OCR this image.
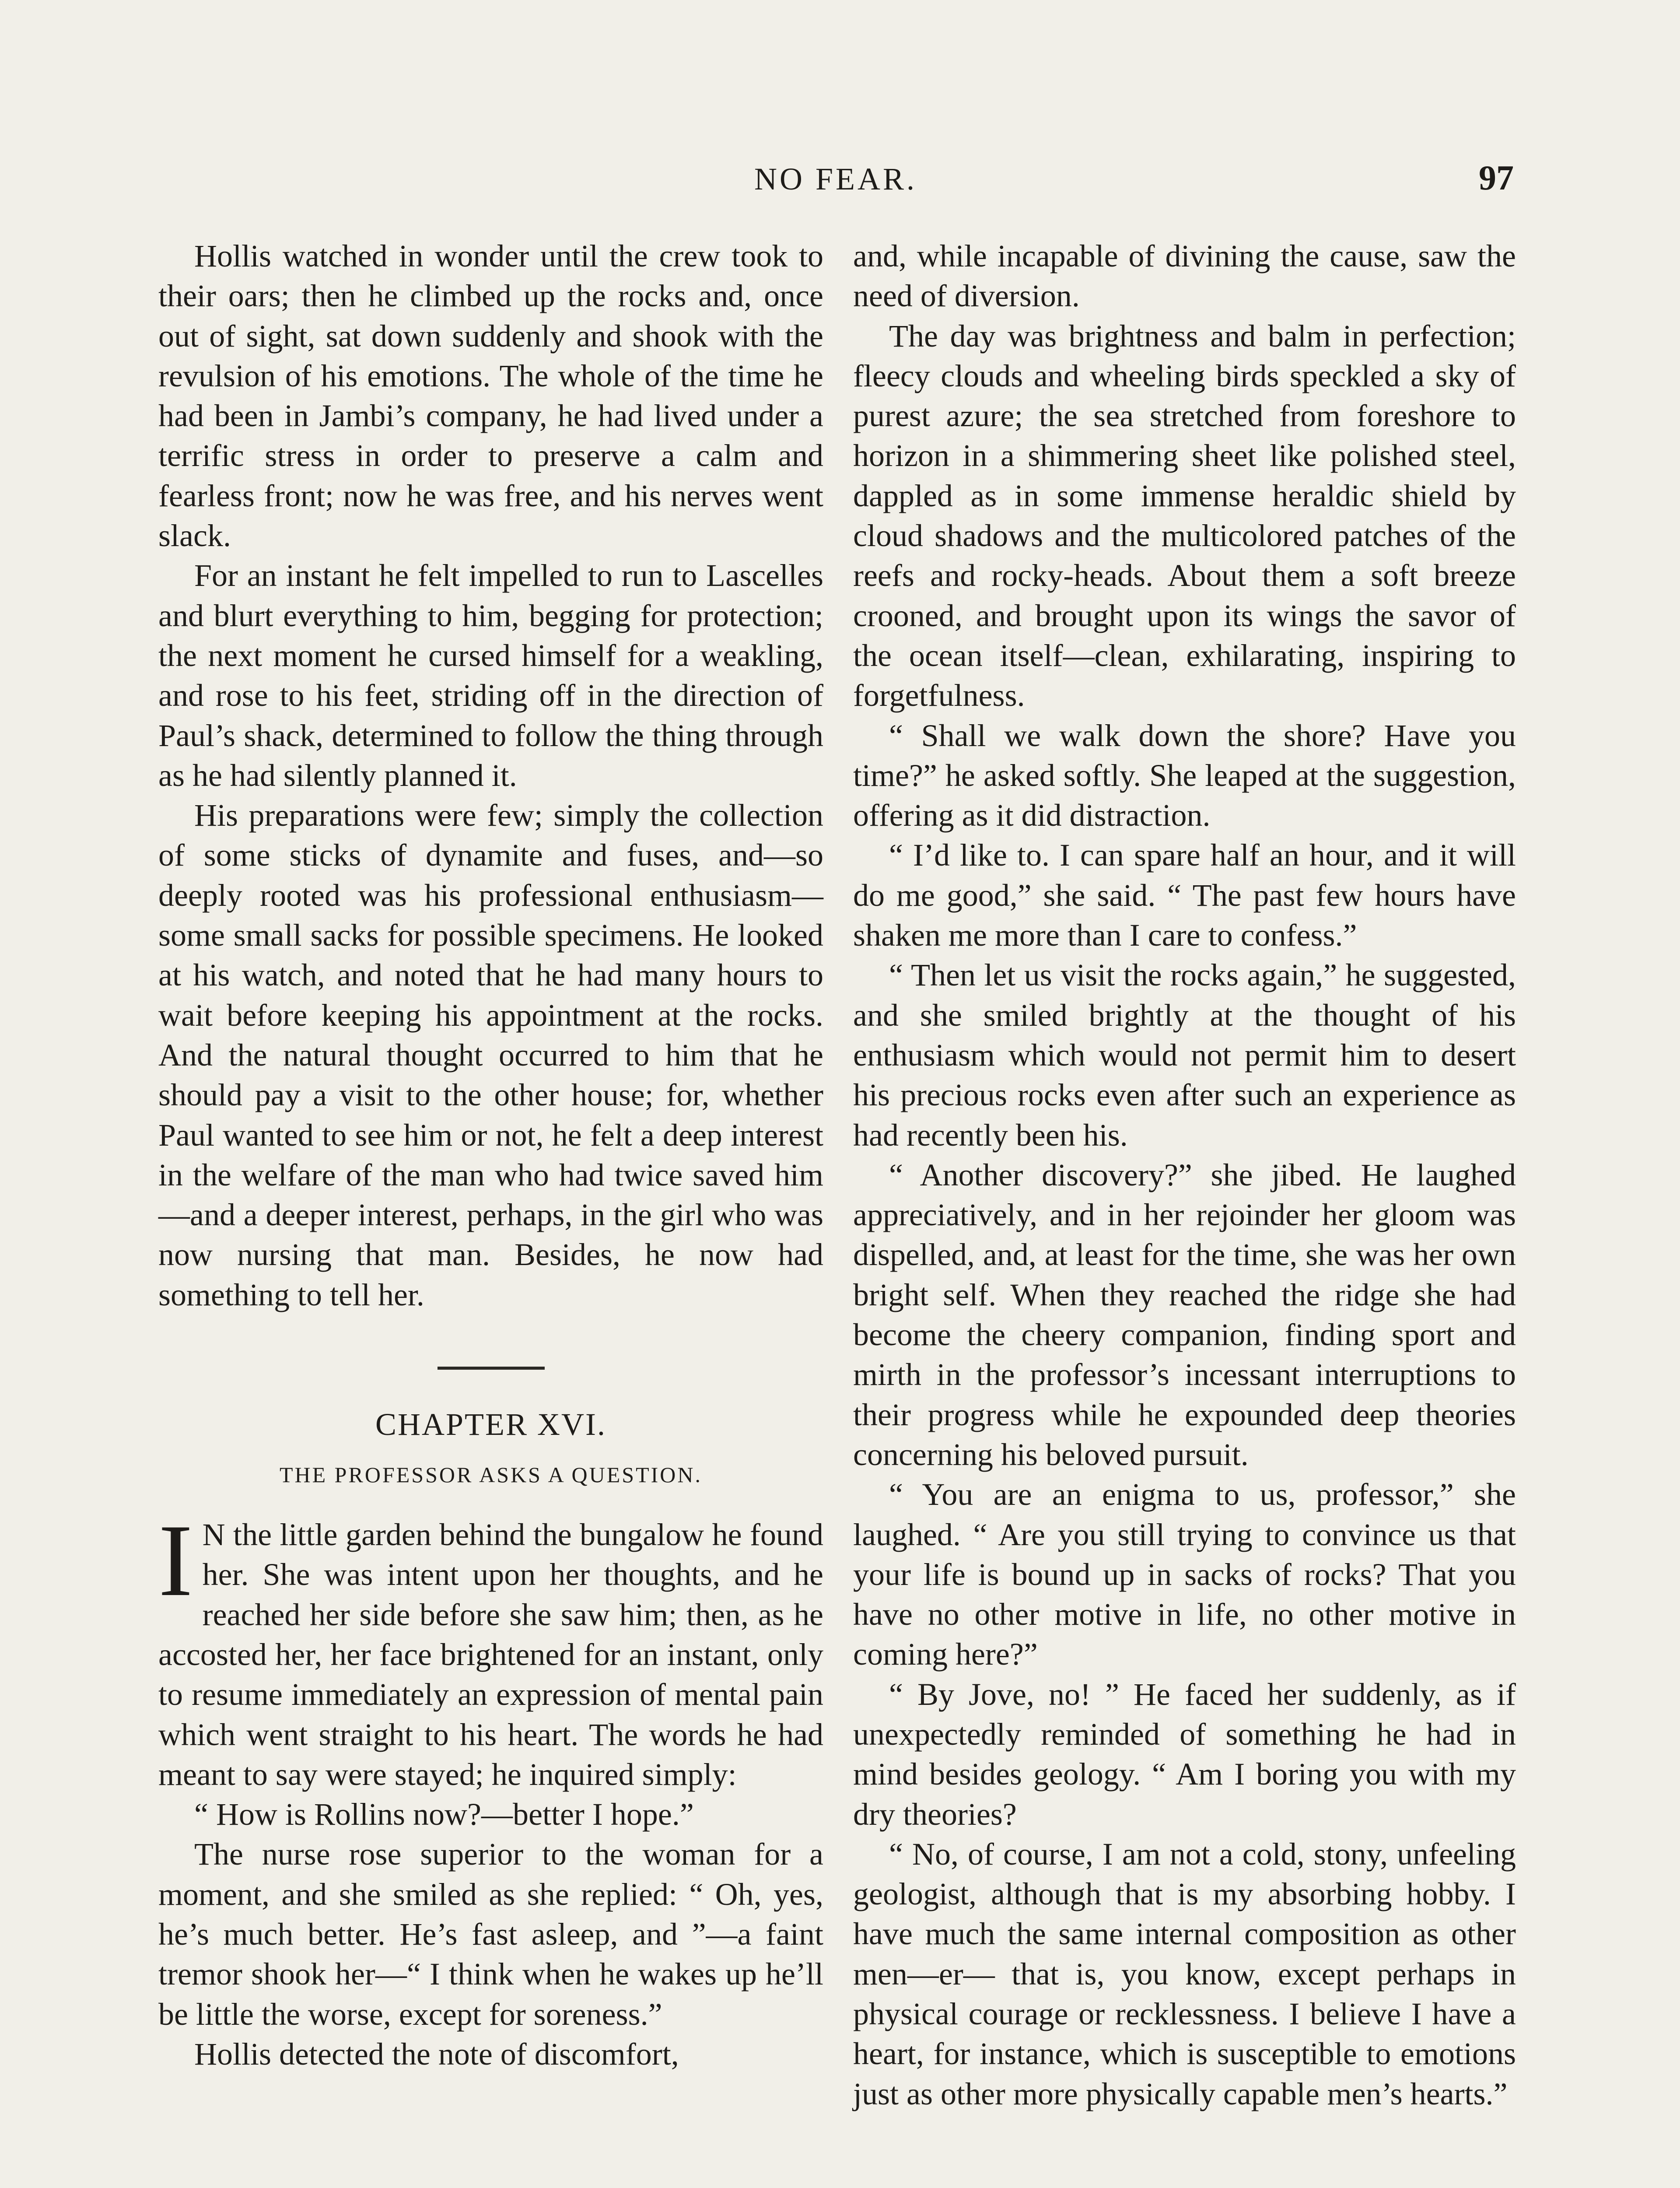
NO FEAR.	97

Hollis watched in wonder until the crew took to their oars; then he climbed up the rocks and, once out of sight, sat down suddenly and shook with the revulsion of his emotions. The whole of the time he had been in Jambi’s company, he had lived under a terrific stress in order to preserve a calm and fearless front; now he was free, and his nerves went slack.

For an instant he felt impelled to run to Lascelles and blurt everything to him, begging for protection; the next moment he cursed himself for a weakling, and rose to his feet, striding off in the direction of Paul’s shack, determined to follow the thing through as he had silently planned it.

His preparations were few; simply the collection of some sticks of dynamite and fuses, and—so deeply rooted was his professional enthusiasm—some small sacks for possible specimens. He looked at his watch, and noted that he had many hours to wait before keeping his appointment at the rocks. And the natural thought occurred to him that he should pay a visit to the other house; for, whether Paul wanted to see him or not, he felt a deep interest in the welfare of the man who had twice saved him—and a deeper interest, perhaps, in the girl who was now nursing that man. Besides, he now had something to tell her.

CHAPTER XVI.
THE PROFESSOR ASKS A QUESTION.

I N the little garden behind the bungalow he found her. She was intent upon her thoughts, and he reached her side before she saw him; then, as he accosted her, her face brightened for an instant, only to resume immediately an expression of mental pain which went straight to his heart. The words he had meant to say were stayed; he inquired simply:

“ How is Rollins now?—better I hope.”

The nurse rose superior to the woman for a moment, and she smiled as she replied: “ Oh, yes, he’s much better. He’s fast asleep, and ”—a faint tremor shook her—“ I think when he wakes up he’ll be little the worse, except for soreness.”

Hollis detected the note of discomfort,

and, while incapable of divining the cause, saw the need of diversion.

The day was brightness and balm in perfection; fleecy clouds and wheeling birds speckled a sky of purest azure; the sea stretched from foreshore to horizon in a shimmering sheet like polished steel, dappled as in some immense heraldic shield by cloud shadows and the multicolored patches of the reefs and rocky-heads. About them a soft breeze crooned, and brought upon its wings the savor of the ocean itself—clean, exhilarating, inspiring to forgetfulness.

“ Shall we walk down the shore? Have you time?” he asked softly. She leaped at the suggestion, offering as it did distraction.

“ I’d like to. I can spare half an hour, and it will do me good,” she said. “ The past few hours have shaken me more than I care to confess.”

“ Then let us visit the rocks again,” he suggested, and she smiled brightly at the thought of his enthusiasm which would not permit him to desert his precious rocks even after such an experience as had recently been his.

“ Another discovery?” she jibed. He laughed appreciatively, and in her rejoinder her gloom was dispelled, and, at least for the time, she was her own bright self. When they reached the ridge she had become the cheery companion, finding sport and mirth in the professor’s incessant interruptions to their progress while he expounded deep theories concerning his beloved pursuit.

“ You are an enigma to us, professor,” she laughed. “ Are you still trying to convince us that your life is bound up in sacks of rocks? That you have no other motive in life, no other motive in coming here?”

“ By Jove, no! ” He faced her suddenly, as if unexpectedly reminded of something he had in mind besides geology. “ Am I boring you with my dry theories?

“ No, of course, I am not a cold, stony, unfeeling geologist, although that is my absorbing hobby. I have much the same internal composition as other men—er— that is, you know, except perhaps in physical courage or recklessness. I believe I have a heart, for instance, which is susceptible to emotions just as other more physically capable men’s hearts.”
